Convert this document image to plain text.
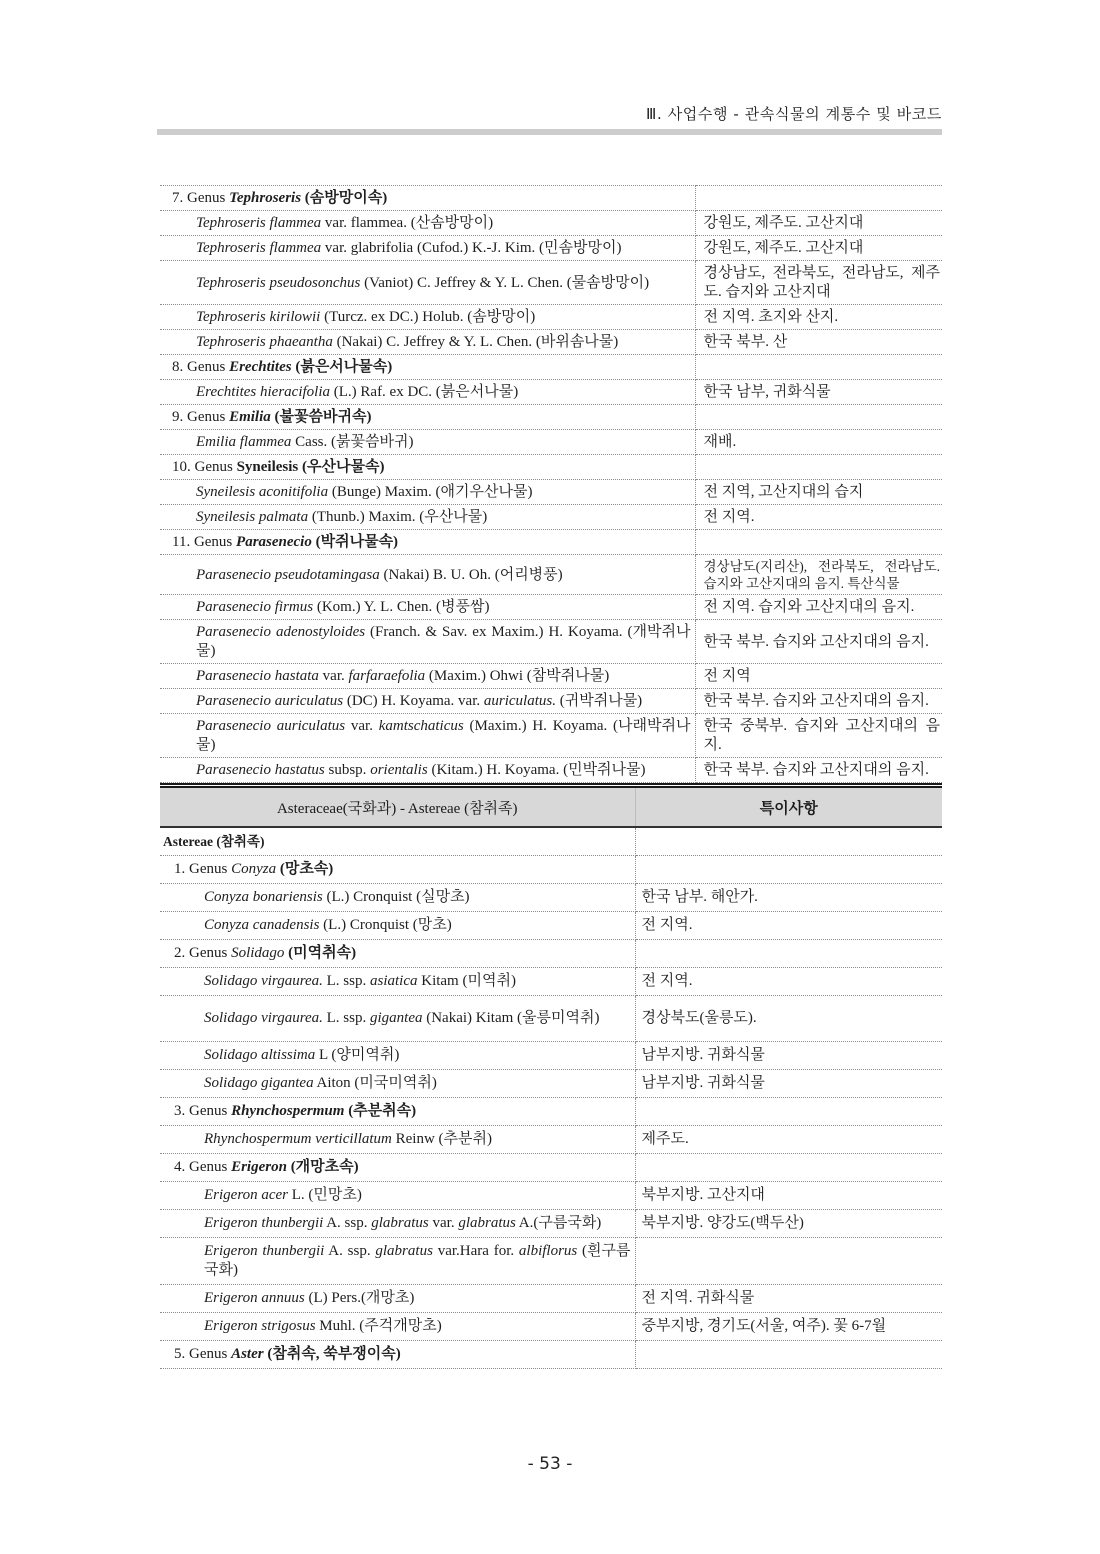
Ⅲ. 사업수행 - 관속식물의 계통수 및 바코드
7. Genus Tephroseris (솜방망이속)	

Tephroseris flammea var. flammea. (산솜방망이)	강원도, 제주도. 고산지대

Tephroseris flammea var. glabrifolia (Cufod.) K.-J. Kim. (민솜방망이)	강원도, 제주도. 고산지대

Tephroseris pseudosonchus (Vaniot) C. Jeffrey & Y. L. Chen. (물솜방망이)	경상남도, 전라북도, 전라남도, 제주도. 습지와 고산지대

Tephroseris kirilowii (Turcz. ex DC.) Holub. (솜방망이)	전 지역. 초지와 산지.

Tephroseris phaeantha (Nakai) C. Jeffrey & Y. L. Chen. (바위솜나물)	한국 북부. 산

8. Genus Erechtites (붉은서나물속)	

Erechtites hieracifolia (L.) Raf. ex DC. (붉은서나물)	한국 남부, 귀화식물

9. Genus Emilia (불꽃씀바귀속)	

Emilia flammea Cass. (붉꽃씀바귀)	재배.

10. Genus Syneilesis (우산나물속)	

Syneilesis aconitifolia (Bunge) Maxim. (애기우산나물)	전 지역, 고산지대의 습지

Syneilesis palmata (Thunb.) Maxim. (우산나물)	전 지역.

11. Genus Parasenecio (박쥐나물속)	

Parasenecio pseudotamingasa (Nakai) B. U. Oh. (어리병풍)	경상남도(지리산), 전라북도, 전라남도. 습지와 고산지대의 음지. 특산식물

Parasenecio firmus (Kom.) Y. L. Chen. (병풍쌈)	전 지역. 습지와 고산지대의 음지.

Parasenecio adenostyloides (Franch. & Sav. ex Maxim.) H. Koyama. (개박쥐나물)	한국 북부. 습지와 고산지대의 음지.

Parasenecio hastata var. farfaraefolia (Maxim.) Ohwi (참박쥐나물)	전 지역

Parasenecio auriculatus (DC) H. Koyama. var. auriculatus. (귀박쥐나물)	한국 북부. 습지와 고산지대의 음지.

Parasenecio auriculatus var. kamtschaticus (Maxim.) H. Koyama. (나래박쥐나물)	한국 중북부. 습지와 고산지대의 음지.

Parasenecio hastatus subsp. orientalis (Kitam.) H. Koyama. (민박쥐나물)	한국 북부. 습지와 고산지대의 음지.
Asteraceae(국화과) - Astereae (참취족)	특이사항

Astereae (참취족)	

1. Genus Conyza (망초속)	

Conyza bonariensis (L.) Cronquist (실망초)	한국 남부. 해안가.

Conyza canadensis (L.) Cronquist (망초)	전 지역.

2. Genus Solidago (미역취속)	

Solidago virgaurea. L. ssp. asiatica Kitam (미역취)	전 지역.

Solidago virgaurea. L. ssp. gigantea (Nakai) Kitam (울릉미역취)	경상북도(울릉도).

Solidago altissima L (양미역취)	남부지방. 귀화식물

Solidago gigantea Aiton (미국미역취)	남부지방. 귀화식물

3. Genus Rhynchospermum (추분취속)	

Rhynchospermum verticillatum Reinw (추분취)	제주도.

4. Genus Erigeron (개망초속)	

Erigeron acer L. (민망초)	북부지방. 고산지대

Erigeron thunbergii A. ssp. glabratus var. glabratus A.(구름국화)	북부지방. 양강도(백두산)

Erigeron thunbergii A. ssp. glabratus var.Hara for. albiflorus (흰구름국화)	

Erigeron annuus (L) Pers.(개망초)	전 지역. 귀화식물

Erigeron strigosus Muhl. (주걱개망초)	중부지방, 경기도(서울, 여주). 꽃 6-7월

5. Genus Aster (참취속, 쑥부쟁이속)	

- 53 -
